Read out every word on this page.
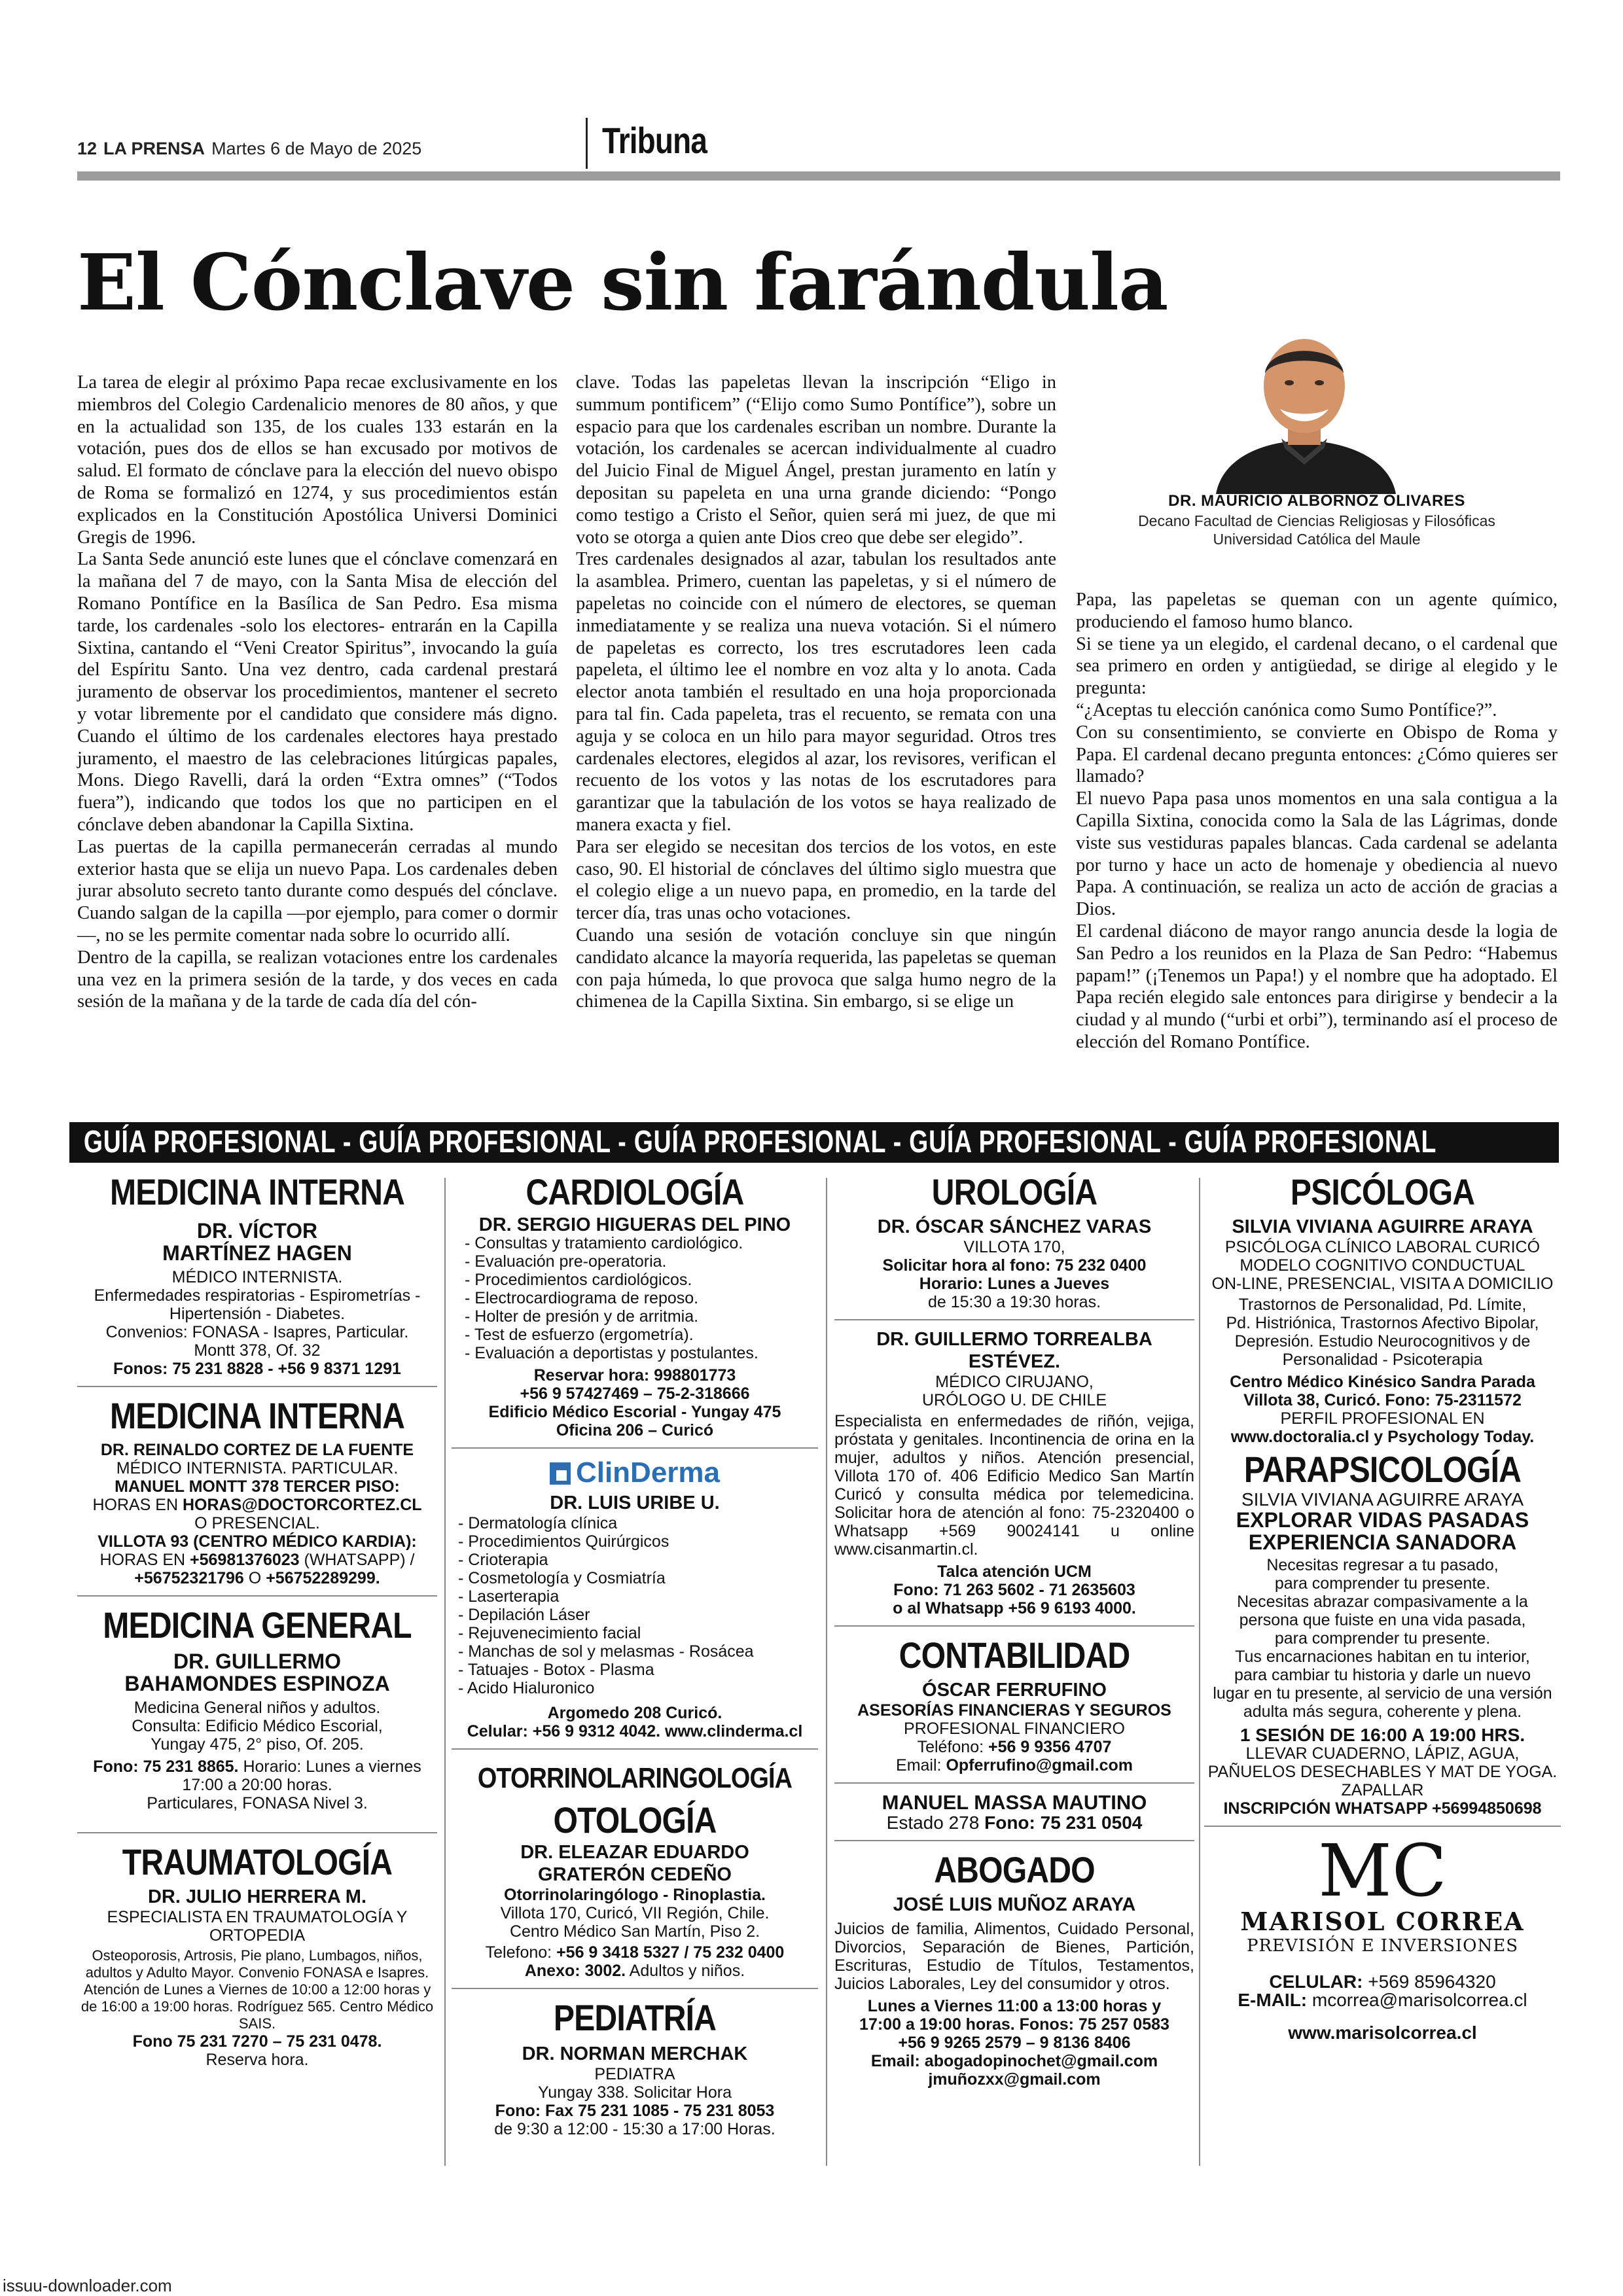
12 LA PRENSA Martes 6 de Mayo de 2025	Tribuna
El Cónclave sin farándula

La tarea de elegir al próximo Papa recae exclusivamente en los miembros del Colegio Cardenalicio menores de 80 años, y que en la actualidad son 135, de los cuales 133 estarán en la votación, pues dos de ellos se han excusado por motivos de salud. El formato de cónclave para la elección del nuevo obispo de Roma se formalizó en 1274, y sus procedimientos están explicados en la Constitución Apostólica Universi Dominici Gregis de 1996.

La Santa Sede anunció este lunes que el cónclave comenzará en la mañana del 7 de mayo, con la Santa Misa de elección del Romano Pontífice en la Basílica de San Pedro. Esa misma tarde, los cardenales -solo los electores- entrarán en la Capilla Sixtina, cantando el “Veni Creator Spiritus”, invocando la guía del Espíritu Santo. Una vez dentro, cada cardenal prestará juramento de observar los procedimientos, mantener el secreto y votar libremente por el candidato que considere más digno. Cuando el último de los cardenales electores haya prestado juramento, el maestro de las celebraciones litúrgicas papales, Mons. Diego Ravelli, dará la orden “Extra omnes” (“Todos fuera”), indicando que todos los que no participen en el cónclave deben abandonar la Capilla Sixtina.

Las puertas de la capilla permanecerán cerradas al mundo exterior hasta que se elija un nuevo Papa. Los cardenales deben jurar absoluto secreto tanto durante como después del cónclave. Cuando salgan de la capilla —por ejemplo, para comer o dormir—, no se les permite comentar nada sobre lo ocurrido allí.

Dentro de la capilla, se realizan votaciones entre los cardenales una vez en la primera sesión de la tarde, y dos veces en cada sesión de la mañana y de la tarde de cada día del cón-

clave. Todas las papeletas llevan la inscripción “Eligo in summum pontificem” (“Elijo como Sumo Pontífice”), sobre un espacio para que los cardenales escriban un nombre. Durante la votación, los cardenales se acercan individualmente al cuadro del Juicio Final de Miguel Ángel, prestan juramento en latín y depositan su papeleta en una urna grande diciendo: “Pongo como testigo a Cristo el Señor, quien será mi juez, de que mi voto se otorga a quien ante Dios creo que debe ser elegido”.

Tres cardenales designados al azar, tabulan los resultados ante la asamblea. Primero, cuentan las papeletas, y si el número de papeletas no coincide con el número de electores, se queman inmediatamente y se realiza una nueva votación. Si el número de papeletas es correcto, los tres escrutadores leen cada papeleta, el último lee el nombre en voz alta y lo anota. Cada elector anota también el resultado en una hoja proporcionada para tal fin. Cada papeleta, tras el recuento, se remata con una aguja y se coloca en un hilo para mayor seguridad. Otros tres cardenales electores, elegidos al azar, los revisores, verifican el recuento de los votos y las notas de los escrutadores para garantizar que la tabulación de los votos se haya realizado de manera exacta y fiel.

Para ser elegido se necesitan dos tercios de los votos, en este caso, 90. El historial de cónclaves del último siglo muestra que el colegio elige a un nuevo papa, en promedio, en la tarde del tercer día, tras unas ocho votaciones.

Cuando una sesión de votación concluye sin que ningún candidato alcance la mayoría requerida, las papeletas se queman con paja húmeda, lo que provoca que salga humo negro de la chimenea de la Capilla Sixtina. Sin embargo, si se elige un

DR. MAURICIO ALBORNOZ OLIVARES
Decano Facultad de Ciencias Religiosas y Filosóficas
Universidad Católica del Maule

Papa, las papeletas se queman con un agente químico, produciendo el famoso humo blanco.

Si se tiene ya un elegido, el cardenal decano, o el cardenal que sea primero en orden y antigüedad, se dirige al elegido y le pregunta:

“¿Aceptas tu elección canónica como Sumo Pontífice?”.

Con su consentimiento, se convierte en Obispo de Roma y Papa. El cardenal decano pregunta entonces: ¿Cómo quieres ser llamado?

El nuevo Papa pasa unos momentos en una sala contigua a la Capilla Sixtina, conocida como la Sala de las Lágrimas, donde viste sus vestiduras papales blancas. Cada cardenal se adelanta por turno y hace un acto de homenaje y obediencia al nuevo Papa. A continuación, se realiza un acto de acción de gracias a Dios.

El cardenal diácono de mayor rango anuncia desde la logia de San Pedro a los reunidos en la Plaza de San Pedro: “Habemus papam!” (¡Tenemos un Papa!) y el nombre que ha adoptado. El Papa recién elegido sale entonces para dirigirse y bendecir a la ciudad y al mundo (“urbi et orbi”), terminando así el proceso de elección del Romano Pontífice.

GUÍA PROFESIONAL - GUÍA PROFESIONAL - GUÍA PROFESIONAL - GUÍA PROFESIONAL - GUÍA PROFESIONAL
MEDICINA INTERNA
DR. VÍCTOR
MARTÍNEZ HAGEN
MÉDICO INTERNISTA.
Enfermedades respiratorias - Espirometrías -
Hipertensión - Diabetes.
Convenios: FONASA - Isapres, Particular.
Montt 378, Of. 32
Fonos: 75 231 8828 - +56 9 8371 1291
MEDICINA INTERNA
DR. REINALDO CORTEZ DE LA FUENTE
MÉDICO INTERNISTA. PARTICULAR.
MANUEL MONTT 378 TERCER PISO:
HORAS EN HORAS@DOCTORCORTEZ.CL
O PRESENCIAL.
VILLOTA 93 (CENTRO MÉDICO KARDIA):
HORAS EN +56981376023 (WHATSAPP) /
+56752321796 O +56752289299.
MEDICINA GENERAL
DR. GUILLERMO
BAHAMONDES ESPINOZA
Medicina General niños y adultos.
Consulta: Edificio Médico Escorial,
Yungay 475, 2° piso, Of. 205.
Fono: 75 231 8865. Horario: Lunes a viernes
17:00 a 20:00 horas.
Particulares, FONASA Nivel 3.
TRAUMATOLOGÍA
DR. JULIO HERRERA M.
ESPECIALISTA EN TRAUMATOLOGÍA Y
ORTOPEDIA
Osteoporosis, Artrosis, Pie plano, Lumbagos, niños, adultos y Adulto Mayor. Convenio FONASA e Isapres.
Atención de Lunes a Viernes de 10:00 a 12:00 horas y de 16:00 a 19:00 horas. Rodríguez 565. Centro Médico SAIS.
Fono 75 231 7270 – 75 231 0478.
Reserva hora.
CARDIOLOGÍA
DR. SERGIO HIGUERAS DEL PINO
- Consultas y tratamiento cardiológico.
- Evaluación pre-operatoria.
- Procedimientos cardiológicos.
- Electrocardiograma de reposo.
- Holter de presión y de arritmia.
- Test de esfuerzo (ergometría).
- Evaluación a deportistas y postulantes.
Reservar hora: 998801773
+56 9 57427469 – 75-2-318666
Edificio Médico Escorial - Yungay 475
Oficina 206 – Curicó
ClinDerma
DR. LUIS URIBE U.
- Dermatología clínica
- Procedimientos Quirúrgicos
- Crioterapia
- Cosmetología y Cosmiatría
- Laserterapia
- Depilación Láser
- Rejuvenecimiento facial
- Manchas de sol y melasmas - Rosácea
- Tatuajes - Botox - Plasma
- Acido Hialuronico
Argomedo 208 Curicó.
Celular: +56 9 9312 4042. www.clinderma.cl
OTORRINOLARINGOLOGÍA
OTOLOGÍA
DR. ELEAZAR EDUARDO
GRATERÓN CEDEÑO
Otorrinolaringólogo - Rinoplastia.
Villota 170, Curicó, VII Región, Chile.
Centro Médico San Martín, Piso 2.
Telefono: +56 9 3418 5327 / 75 232 0400
Anexo: 3002. Adultos y niños.
PEDIATRÍA
DR. NORMAN MERCHAK
PEDIATRA
Yungay 338. Solicitar Hora
Fono: Fax 75 231 1085 - 75 231 8053
de 9:30 a 12:00 - 15:30 a 17:00 Horas.
UROLOGÍA
DR. ÓSCAR SÁNCHEZ VARAS
VILLOTA 170,
Solicitar hora al fono: 75 232 0400
Horario: Lunes a Jueves
de 15:30 a 19:30 horas.
DR. GUILLERMO TORREALBA
ESTÉVEZ.
MÉDICO CIRUJANO,
URÓLOGO U. DE CHILE
Especialista en enfermedades de riñón, vejiga, próstata y genitales. Incontinencia de orina en la mujer, adultos y niños. Atención presencial, Villota 170 of. 406 Edificio Medico San Martín Curicó y consulta médica por telemedicina. Solicitar hora de atención al fono: 75-2320400 o Whatsapp +569 90024141 u online www.cisanmartin.cl.
Talca atención UCM
Fono: 71 263 5602 - 71 2635603
o al Whatsapp +56 9 6193 4000.
CONTABILIDAD
ÓSCAR FERRUFINO
ASESORÍAS FINANCIERAS Y SEGUROS
PROFESIONAL FINANCIERO
Teléfono: +56 9 9356 4707
Email: Opferrufino@gmail.com
MANUEL MASSA MAUTINO
Estado 278 Fono: 75 231 0504
ABOGADO
JOSÉ LUIS MUÑOZ ARAYA
Juicios de familia, Alimentos, Cuidado Personal, Divorcios, Separación de Bienes, Partición, Escrituras, Estudio de Títulos, Testamentos, Juicios Laborales, Ley del consumidor y otros.
Lunes a Viernes 11:00 a 13:00 horas y
17:00 a 19:00 horas. Fonos: 75 257 0583
+56 9 9265 2579 – 9 8136 8406
Email: abogadopinochet@gmail.com
jmuñozxx@gmail.com
PSICÓLOGA
SILVIA VIVIANA AGUIRRE ARAYA
PSICÓLOGA CLÍNICO LABORAL CURICÓ
MODELO COGNITIVO CONDUCTUAL
ON-LINE, PRESENCIAL, VISITA A DOMICILIO
Trastornos de Personalidad, Pd. Límite,
Pd. Histriónica, Trastornos Afectivo Bipolar,
Depresión. Estudio Neurocognitivos y de
Personalidad - Psicoterapia
Centro Médico Kinésico Sandra Parada
Villota 38, Curicó. Fono: 75-2311572
PERFIL PROFESIONAL EN
www.doctoralia.cl y Psychology Today.
PARAPSICOLOGÍA
SILVIA VIVIANA AGUIRRE ARAYA
EXPLORAR VIDAS PASADAS
EXPERIENCIA SANADORA
Necesitas regresar a tu pasado,
para comprender tu presente.
Necesitas abrazar compasivamente a la
persona que fuiste en una vida pasada,
para comprender tu presente.
Tus encarnaciones habitan en tu interior,
para cambiar tu historia y darle un nuevo
lugar en tu presente, al servicio de una versión
adulta más segura, coherente y plena.
1 SESIÓN DE 16:00 A 19:00 HRS.
LLEVAR CUADERNO, LÁPIZ, AGUA,
PAÑUELOS DESECHABLES Y MAT DE YOGA.
ZAPALLAR
INSCRIPCIÓN WHATSAPP +56994850698
MC
MARISOL CORREA
PREVISIÓN E INVERSIONES
CELULAR: +569 85964320
E-MAIL: mcorrea@marisolcorrea.cl
www.marisolcorrea.cl
issuu-downloader.com
